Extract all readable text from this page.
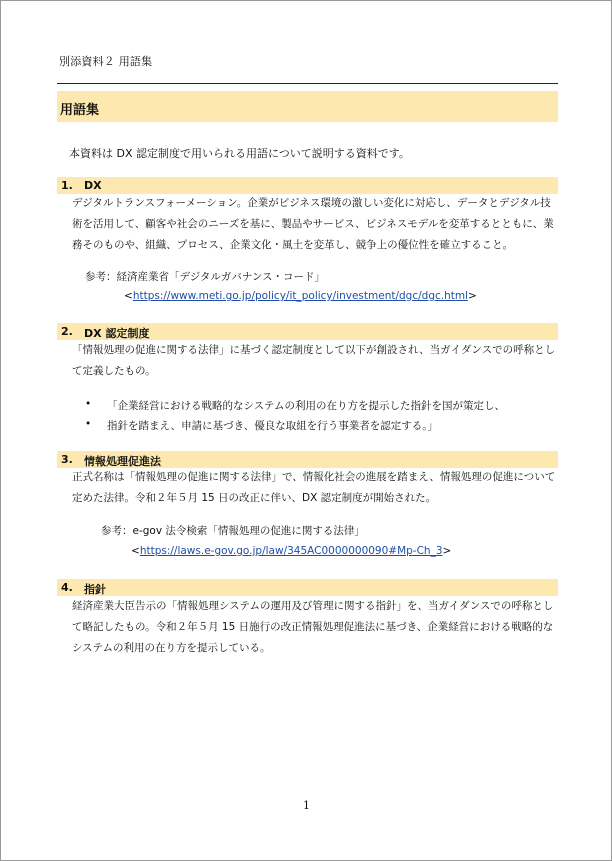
別添資料２ 用語集
用語集
本資料は DX 認定制度で用いられる用語について説明する資料です。
1. DX
デジタルトランスフォーメーション。企業がビジネス環境の激しい変化に対応し、データとデジタル技術を活用して、顧客や社会のニーズを基に、製品やサービス、ビジネスモデルを変革するとともに、業務そのものや、組織、プロセス、企業文化・風土を変革し、競争上の優位性を確立すること。
参考：経済産業省「デジタルガバナンス・コード」
<https://www.meti.go.jp/policy/it_policy/investment/dgc/dgc.html>
2. DX 認定制度
「情報処理の促進に関する法律」に基づく認定制度として以下が創設され、当ガイダンスでの呼称として定義したもの。
• 「企業経営における戦略的なシステムの利用の在り方を提示した指針を国が策定し、
• 指針を踏まえ、申請に基づき、優良な取組を行う事業者を認定する。」
3. 情報処理促進法
正式名称は「情報処理の促進に関する法律」で、情報化社会の進展を踏まえ、情報処理の促進について定めた法律。令和２年５月 15 日の改正に伴い、DX 認定制度が開始された。
参考：e-gov 法令検索「情報処理の促進に関する法律」
<https://laws.e-gov.go.jp/law/345AC0000000090#Mp-Ch_3>
4. 指針
経済産業大臣告示の「情報処理システムの運用及び管理に関する指針」を、当ガイダンスでの呼称として略記したもの。令和２年５月 15 日施行の改正情報処理促進法に基づき、企業経営における戦略的なシステムの利用の在り方を提示している。
1
